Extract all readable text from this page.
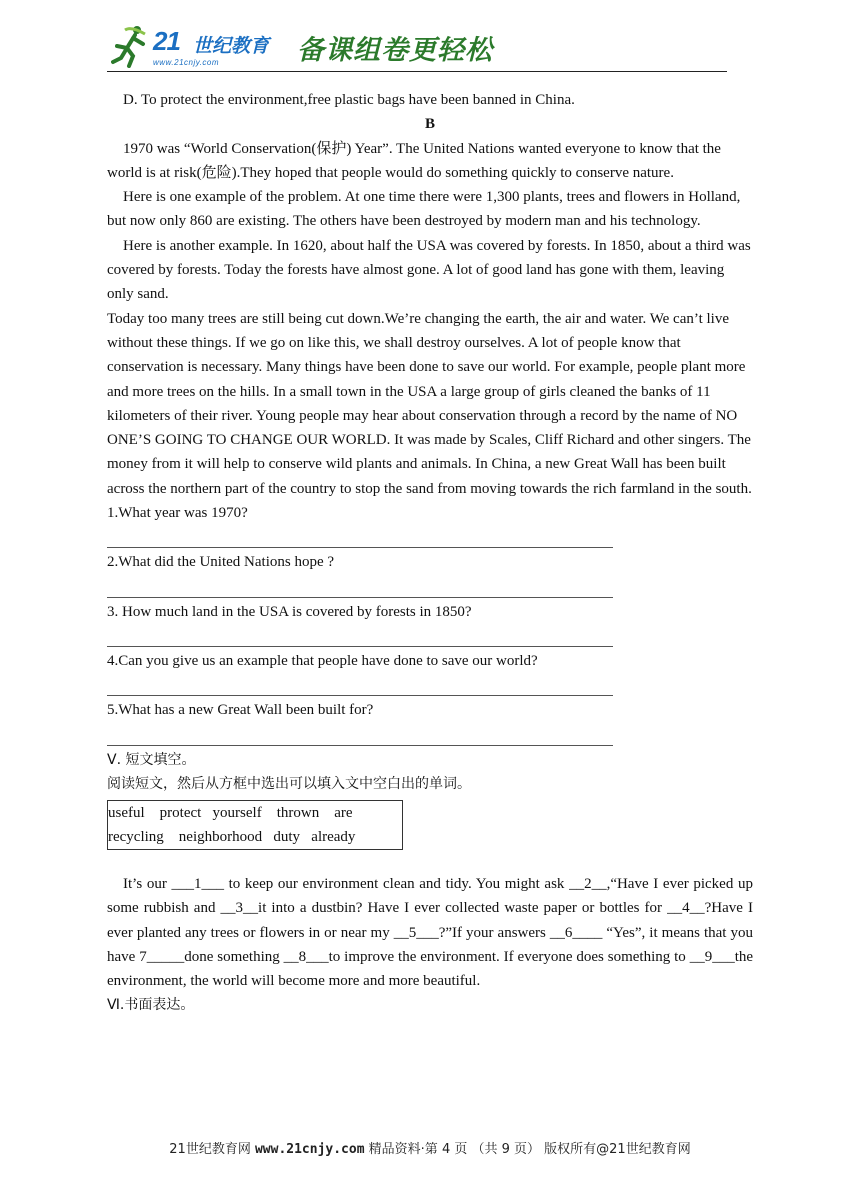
21 世纪教育
www.21cnjy.com	备课组卷更轻松

D. To protect the environment,free plastic bags have been banned in China.

B

1970 was “World Conservation(保护) Year”. The United Nations wanted everyone to know that the world is at risk(危险).They hoped that people would do something quickly to conserve nature.

Here is one example of the problem. At one time there were 1,300 plants, trees and flowers in Holland, but now only 860 are existing. The others have been destroyed by modern man and his technology.

Here is another example. In 1620, about half the USA was covered by forests. In 1850, about a third was covered by forests. Today the forests have almost gone. A lot of good land has gone with them, leaving only sand.

Today too many trees are still being cut down.We’re changing the earth, the air and water. We can’t live without these things. If we go on like this, we shall destroy ourselves. A lot of people know that conservation is necessary. Many things have been done to save our world. For example, people plant more and more trees on the hills. In a small town in the USA a large group of girls cleaned the banks of 11 kilometers of their river. Young people may hear about conservation through a record by the name of NO ONE’S GOING TO CHANGE OUR WORLD. It was made by Scales, Cliff Richard and other singers. The money from it will help to conserve wild plants and animals. In China, a new Great Wall has been built across the northern part of the country to stop the sand from moving towards the rich farmland in the south.

1.What year was 1970?

2.What did the United Nations hope ?

3. How much land in the USA is covered by forests in 1850?

4.Can you give us an example that people have done to save our world?

5.What has a new Great Wall been built for?

Ⅴ. 短文填空。

阅读短文，然后从方框中选出可以填入文中空白出的单词。

useful    protect   yourself    thrown    are
recycling    neighborhood   duty   already

It’s our ___1___ to keep our environment clean and tidy. You might ask __2__,“Have I ever picked up some rubbish and __3__it into a dustbin? Have I ever collected waste paper or bottles for __4__?Have I ever planted any trees or flowers in or near my __5___?”If your answers __6____ “Yes”, it means that you have 7_____done something __8___to improve the environment. If everyone does something to __9___the environment, the world will become more and more beautiful.

Ⅵ.书面表达。

21世纪教育网 www.21cnjy.com 精品资料·第 4 页 （共 9 页） 版权所有@21世纪教育网
